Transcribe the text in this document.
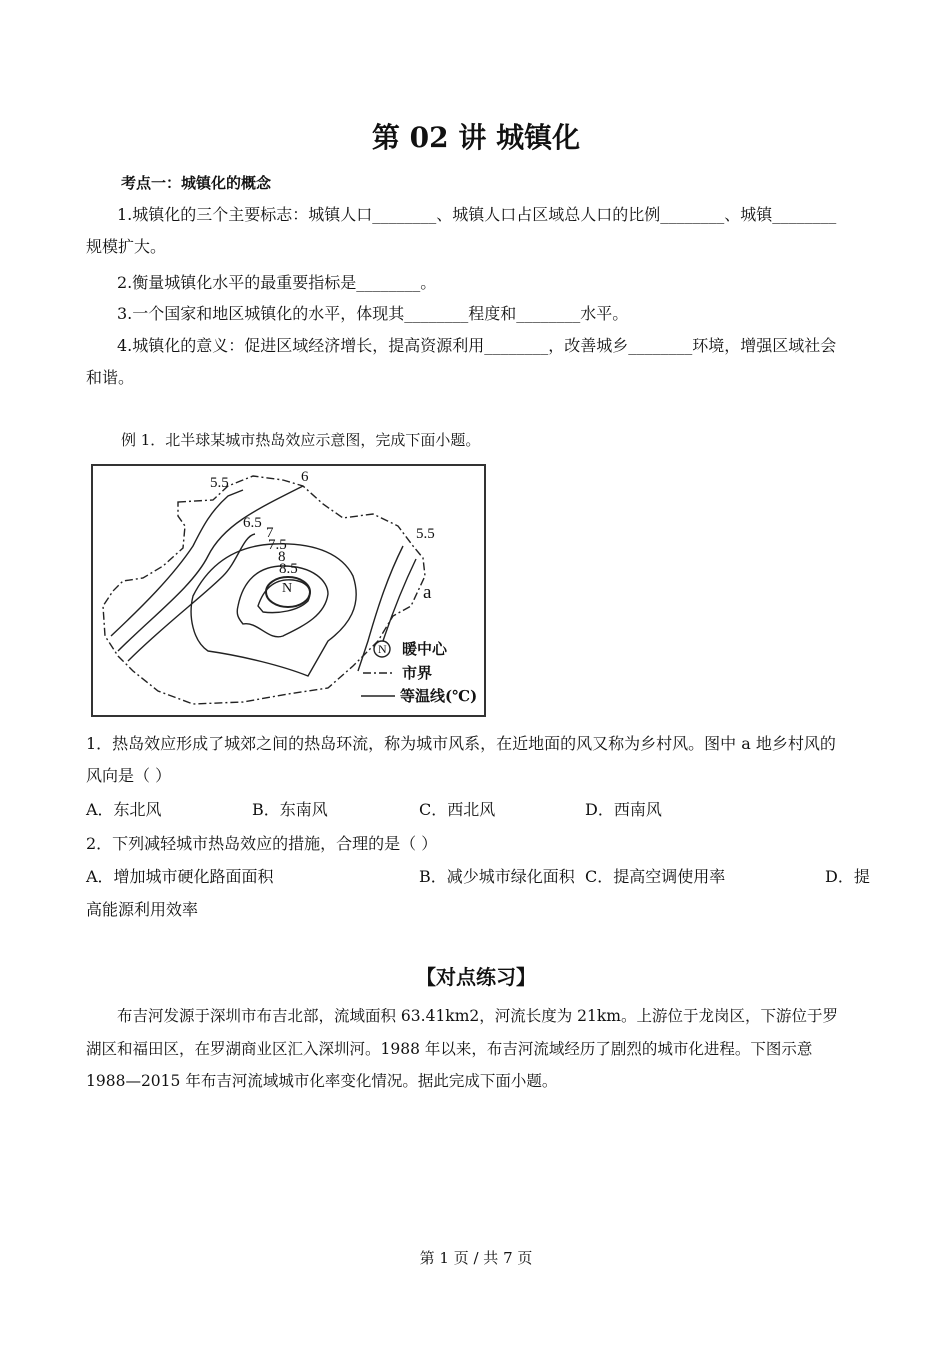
第 02 讲 城镇化
考点一：城镇化的概念
1.城镇化的三个主要标志：城镇人口________、城镇人口占区域总人口的比例________、城镇________
规模扩大。
2.衡量城镇化水平的最重要指标是________。
3.一个国家和地区城镇化的水平，体现其________程度和________水平。
4.城镇化的意义：促进区域经济增长，提高资源利用________，改善城乡________环境，增强区域社会
和谐。
例 1．北半球某城市热岛效应示意图，完成下面小题。
5.5	6
6.5
7
7.5
8
8.5
5.5
N	a
N 暖中心
市界
等温线(℃)
1．热岛效应形成了城郊之间的热岛环流，称为城市风系，在近地面的风又称为乡村风。图中 a 地乡村风的
风向是（ ）
A．东北风	B．东南风	C．西北风	D．西南风
2．下列减轻城市热岛效应的措施，合理的是（ ）
A．增加城市硬化路面面积	B．减少城市绿化面积 C．提高空调使用率	D．提
高能源利用效率
【对点练习】
布吉河发源于深圳市布吉北部，流域面积 63.41km2，河流长度为 21km。上游位于龙岗区，下游位于罗
湖区和福田区，在罗湖商业区汇入深圳河。1988 年以来，布吉河流域经历了剧烈的城市化进程。下图示意
1988—2015 年布吉河流域城市化率变化情况。据此完成下面小题。
第 1 页 / 共 7 页
